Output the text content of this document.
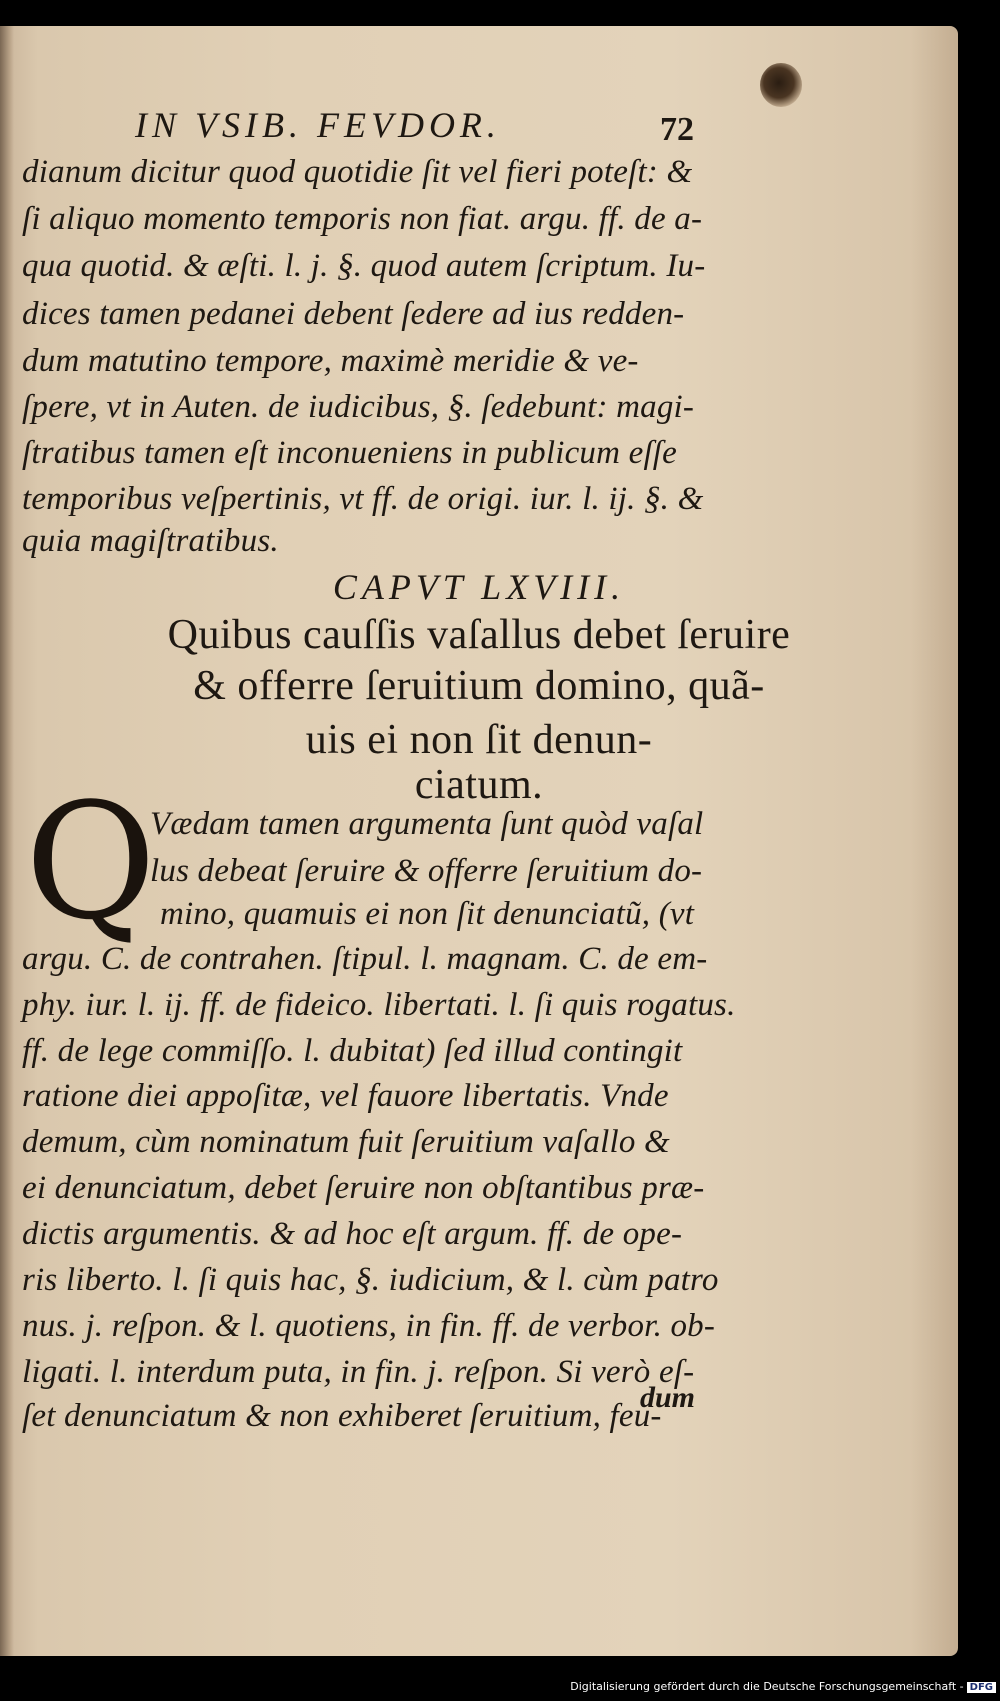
IN VSIB. FEVDOR.	72
dianum dicitur quod quotidie ſit vel fieri poteſt: &
ſi aliquo momento temporis non fiat. argu. ff. de a-
qua quotid. & æſti. l. j. §. quod autem ſcriptum. Iu-
dices tamen pedanei debent ſedere ad ius redden-
dum matutino tempore, maximè meridie & ve-
ſpere, vt in Auten. de iudicibus, §. ſedebunt: magi-
ſtratibus tamen eſt inconueniens in publicum eſſe
temporibus veſpertinis, vt ff. de origi. iur. l. ij. §. &
quia magiſtratibus.
CAPVT LXVIII.
Quibus cauſſis vaſallus debet ſeruire
& offerre ſeruitium domino, quã-
uis ei non ſit denun-
ciatum.
Q
Vædam tamen argumenta ſunt quòd vaſal
lus debeat ſeruire & offerre ſeruitium do-
mino, quamuis ei non ſit denunciatũ, (vt
argu. C. de contrahen. ſtipul. l. magnam. C. de em-
phy. iur. l. ij. ff. de fideico. libertati. l. ſi quis rogatus.
ff. de lege commiſſo. l. dubitat) ſed illud contingit
ratione diei appoſitæ, vel fauore libertatis. Vnde
demum, cùm nominatum fuit ſeruitium vaſallo &
ei denunciatum, debet ſeruire non obſtantibus præ-
dictis argumentis. & ad hoc eſt argum. ff. de ope-
ris liberto. l. ſi quis hac, §. iudicium, & l. cùm patro
nus. j. reſpon. & l. quotiens, in fin. ff. de verbor. ob-
ligati. l. interdum puta, in fin. j. reſpon. Si verò eſ-
ſet denunciatum & non exhiberet ſeruitium, feu-
dum
Digitalisierung gefördert durch die Deutsche Forschungsgemeinschaft - DFG
